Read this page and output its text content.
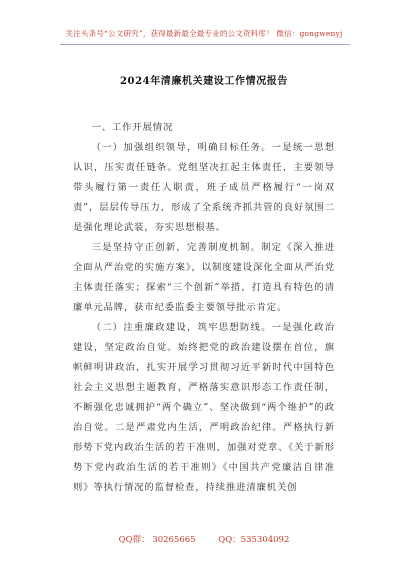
关注头条号“公文研究”，获得最新最全最专业的公文资料库！ 微信：gongwenyj
2024年清廉机关建设工作情况报告

一、工作开展情况

（一）加强组织领导，明确目标任务。一是统一思想认识，压实责任链条。党组坚决扛起主体责任，主要领导带头履行第一责任人职责，班子成员严格履行“一岗双责”，层层传导压力，形成了全系统齐抓共管的良好氛围二是强化理论武装，夯实思想根基。

三是坚持守正创新，完善制度机制。制定《深入推进全面从严治党的实施方案》，以制度建设深化全面从严治党主体责任落实；探索“三个创新”举措，打造具有特色的清廉单元品牌，获市纪委监委主要领导批示肯定。

（二）注重廉政建设，筑牢思想防线。一是强化政治建设，坚定政治自觉。始终把党的政治建设摆在首位，旗帜鲜明讲政治，扎实开展学习贯彻习近平新时代中国特色社会主义思想主题教育，严格落实意识形态工作责任制，不断强化忠诚拥护“两个确立”、坚决做到“两个维护”的政治自觉。二是严肃党内生活，严明政治纪律。严格执行新形势下党内政治生活的若干准则，加强对党章、《关于新形势下党内政治生活的若干准则》《中国共产党廉洁自律准则》等执行情况的监督检查，持续推进清廉机关创

QQ群： 30265665	QQ：535304092
